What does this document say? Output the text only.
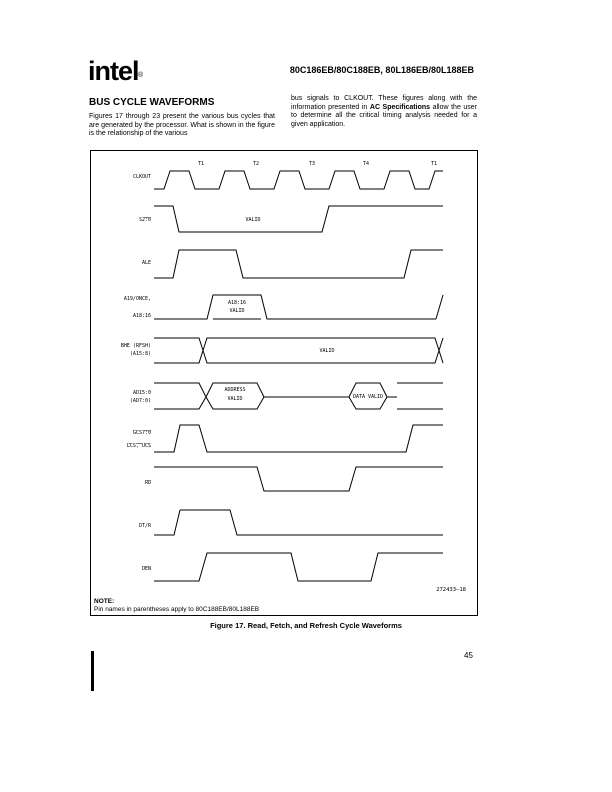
intel ®
80C186EB/80C188EB, 80L186EB/80L188EB
BUS CYCLE WAVEFORMS
Figures 17 through 23 present the various bus cycles that are generated by the processor. What is shown in the figure is the relationship of the various
bus signals to CLKOUT. These figures along with the information presented in AC Specifications allow the user to determine all the critical timing analysis needed for a given application.
T1	T2	T3	T4	T1
CLKOUT
S2:0
ALE
A19/ONCE,
A18:16
BHE (RFSH)
(A15:8)
AD15:0
(AD7:0)
GCS7:0
LCS, UCS
RD
DT/R
DEN
VALID
A18:16
VALID
VALID
ADDRESS
VALID	DATA VALID
272433–18
NOTE:
Pin names in parentheses apply to 80C188EB/80L188EB
Figure 17. Read, Fetch, and Refresh Cycle Waveforms
45
